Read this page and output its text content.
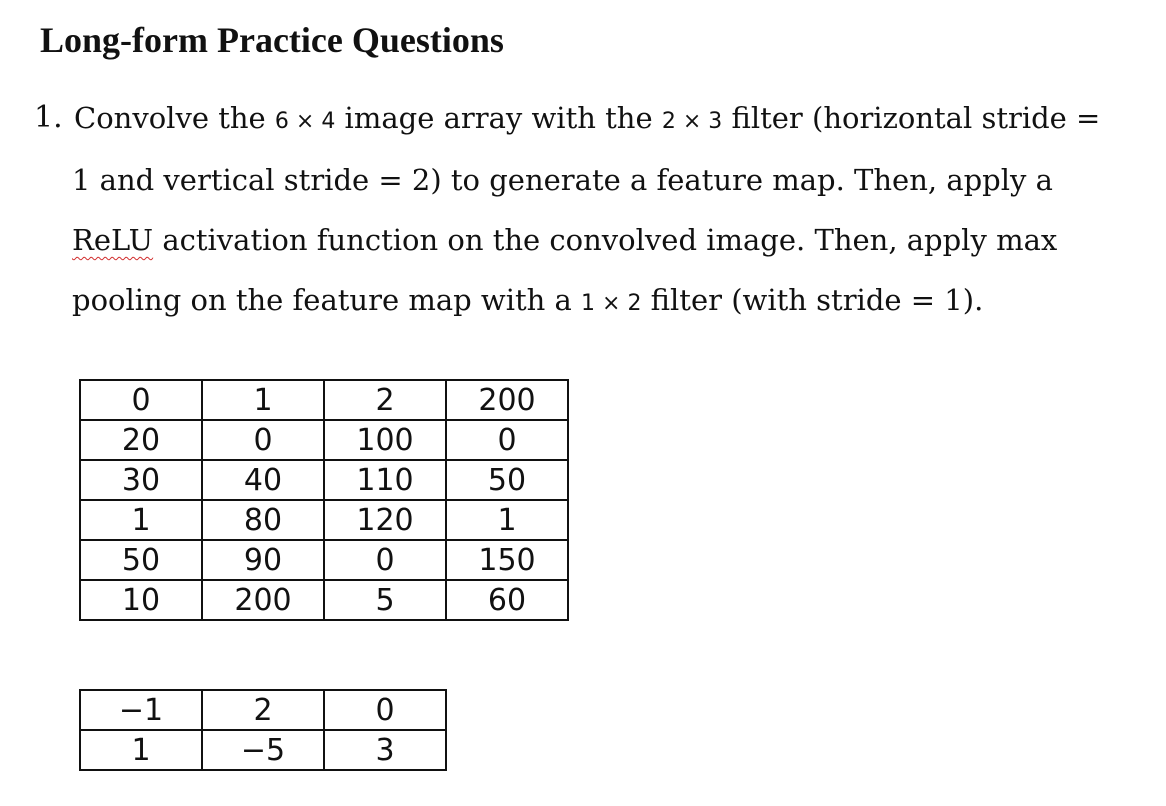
Long-form Practice Questions
1. Convolve the 6 × 4 image array with the 2 × 3 filter (horizontal stride =
1 and vertical stride = 2) to generate a feature map. Then, apply a
ReLU activation function on the convolved image. Then, apply max
pooling on the feature map with a 1 × 2 filter (with stride = 1).
0	1	2	200
20	0	100	0
30	40	110	50
1	80	120	1
50	90	0	150
10	200	5	60
−1	2	0
1	−5	3
